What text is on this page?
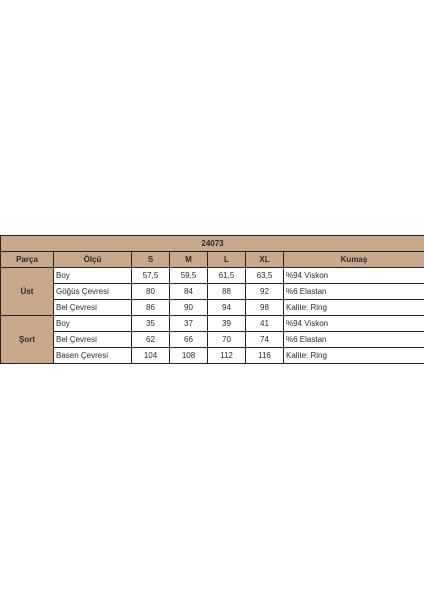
24073						
Parça	Ölçü	S	M	L	XL	Kumaş
Üst	Boy	57,5	59,5	61,5	63,5	%94 Viskon
	Göğüs Çevresi	80	84	88	92	%6 Elastan
	Bel Çevresi	86	90	94	98	Kalite: Ring
Şort	Boy	35	37	39	41	%94 Viskon
	Bel Çevresi	62	66	70	74	%6 Elastan
	Basen Çevresi	104	108	112	116	Kalite: Ring
